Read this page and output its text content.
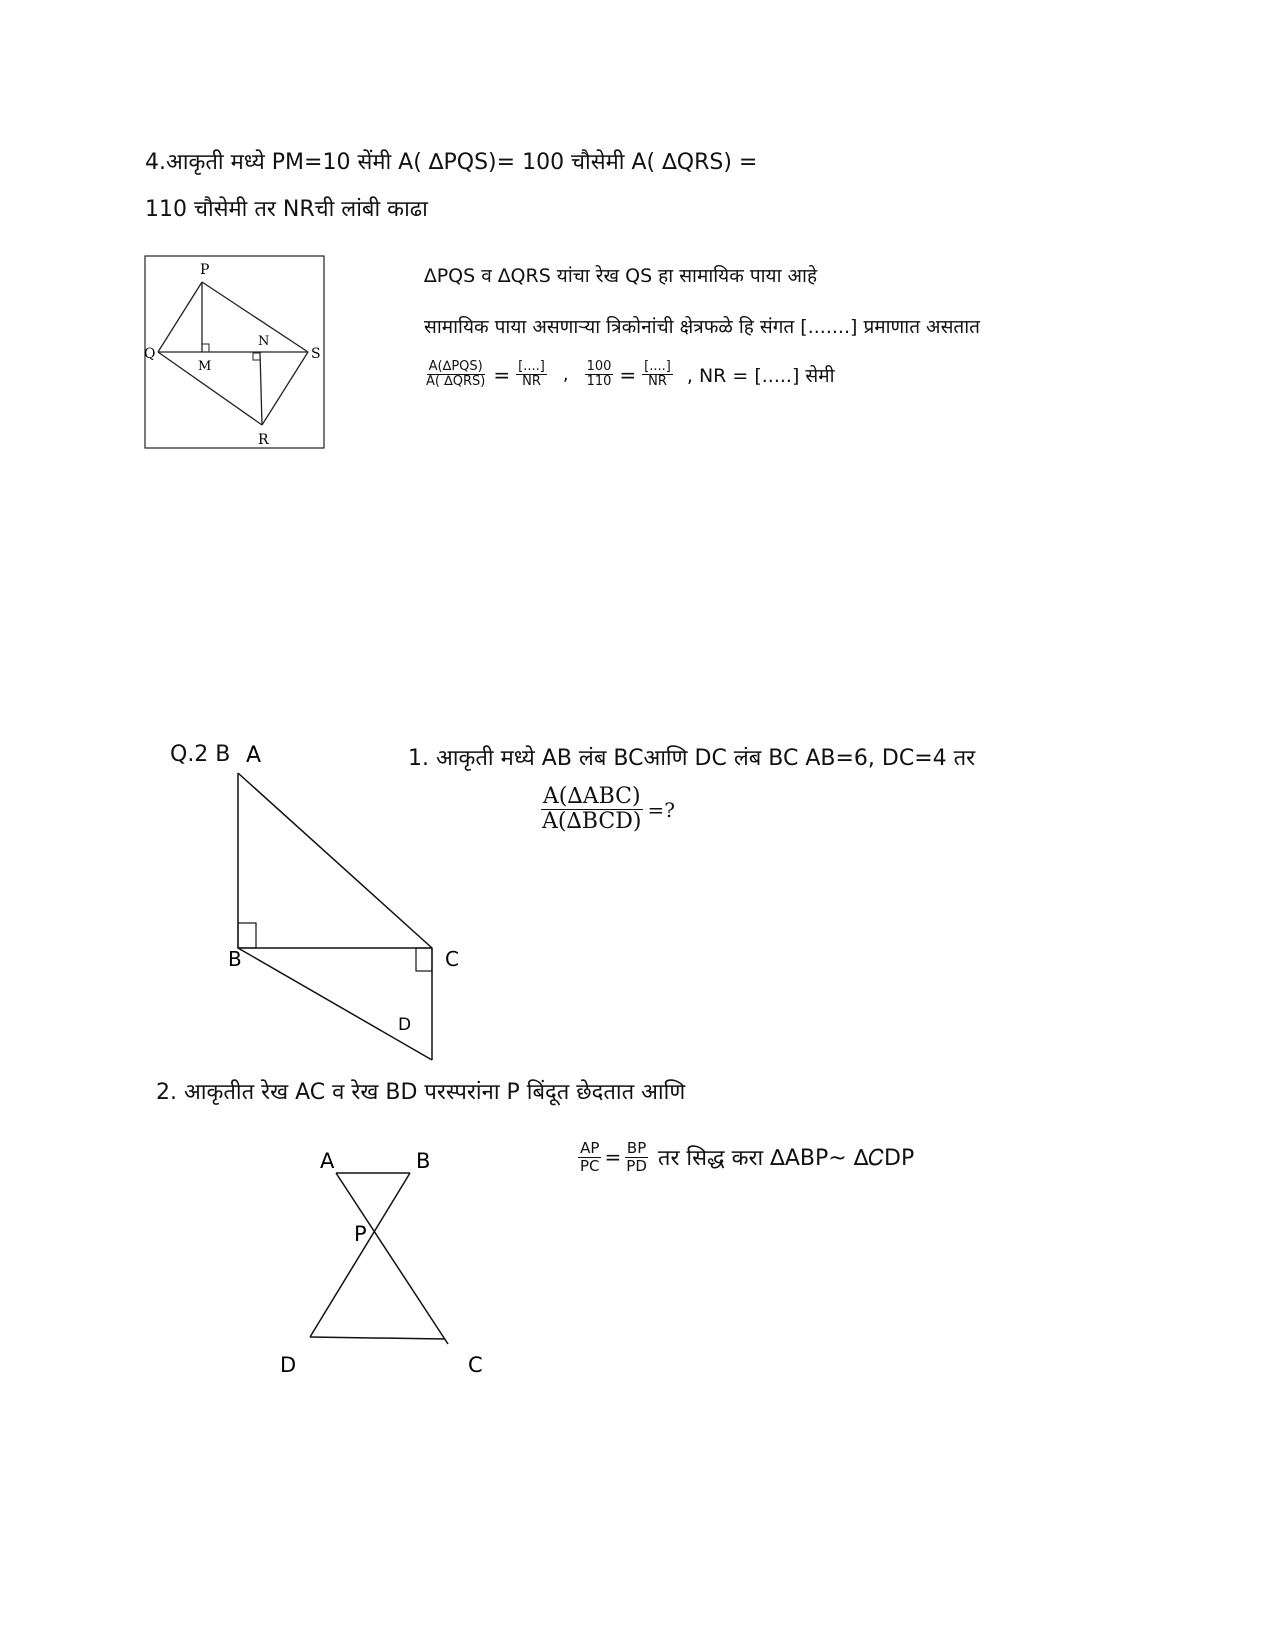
4.आकृती मध्ये PM=10 सेंमी A( ∆PQS)= 100 चौसेमी A( ∆QRS) =
110 चौसेमी तर NRची लांबी काढा
P
Q
M
N
S
R
∆PQS व ∆QRS यांचा रेख QS हा सामायिक पाया आहे
सामायिक पाया असणाऱ्या त्रिकोनांची क्षेत्रफळे हि संगत [.......] प्रमाणात असतात
$\frac{\text{A(∆PQS)}}{\text{A( ∆QRS)}} = \frac{[....]}{NR}$ , $\frac{100}{110} = \frac{[....]}{NR}$ , NR = [.....] सेमी
Q.2 B	1. आकृती मध्ये AB लंब BCआणि DC लंब BC AB=6, DC=4 तर
$\frac{\text{A(∆ABC)}}{\text{A(∆BCD)}}$ =?
A
B	C
D
2. आकृतीत रेख AC व रेख BD परस्परांना P बिंदूत छेदतात आणि
A	B
P
D	C
$\frac{AP}{PC} = \frac{BP}{PD}$ तर सिद्ध करा ∆ABP~ ∆𝐶DP
